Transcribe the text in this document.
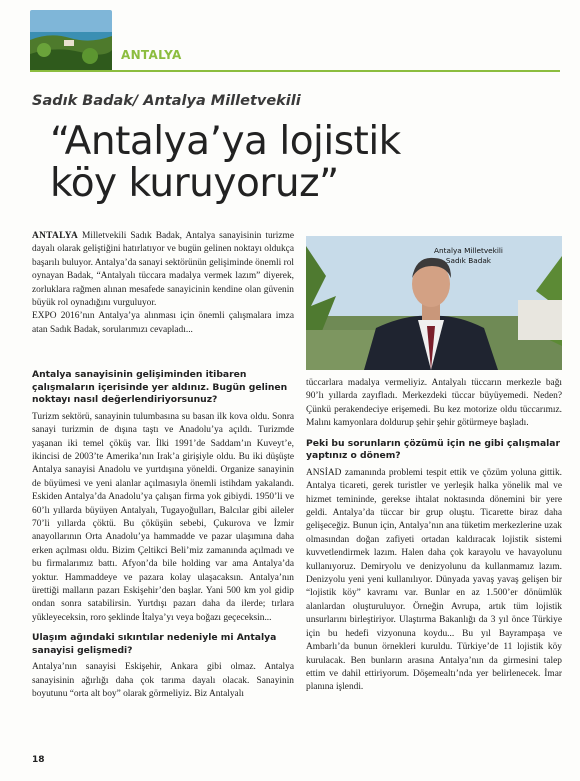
ANTALYA
Sadık Badak/ Antalya Milletvekili
“Antalya’ya lojistik
köy kuruyoruz”

ANTALYA Milletvekili Sadık Badak, Antalya sanayisinin turizme dayalı olarak geliştiğini hatırlatıyor ve bugün gelinen noktayı oldukça başarılı buluyor. Antalya’da sanayi sektörünün gelişiminde önemli rol oynayan Badak, “Antalyalı tüccara madalya vermek lazım” diyerek, zorluklara rağmen alınan mesafede sanayicinin kendine olan güvenin büyük rol oynadığını vurguluyor.

EXPO 2016’nın Antalya’ya alınması için önemli çalışmalara imza atan Sadık Badak, sorularımızı cevapladı...

Antalya Milletvekili
Sadık Badak

Antalya sanayisinin gelişiminden itibaren çalışmaların içerisinde yer aldınız. Bugün gelinen noktayı nasıl değerlendiriyorsunuz?

Turizm sektörü, sanayinin tulumbasına su basan ilk kova oldu. Sonra sanayi turizmin de dışına taştı ve Anadolu’ya açıldı. Turizmde yaşanan iki temel çöküş var. İlki 1991’de Saddam’ın Kuveyt’e, ikincisi de 2003’te Amerika’nın Irak’a girişiyle oldu. Bu iki düşüşte Antalya sanayisi Anadolu ve yurtdışına yöneldi. Organize sanayinin de büyümesi ve yeni alanlar açılmasıyla önemli istihdam yakalandı. Eskiden Antalya’da Anadolu’ya çalışan firma yok gibiydi. 1950’li ve 60’lı yıllarda büyüyen Antalyalı, Tugayoğulları, Balcılar gibi aileler 70’li yıllarda çöktü. Bu çöküşün sebebi, Çukurova ve İzmir anayollarının Orta Anadolu’ya hammadde ve pazar ulaşımına daha erken açılması oldu. Bizim Çeltikci Beli’miz zamanında açılmadı ve bu firmalarımız battı. Afyon’da bile holding var ama Antalya’da yoktur. Hammaddeye ve pazara kolay ulaşacaksın. Antalya’nın ürettiği malların pazarı Eskişehir’den başlar. Yani 500 km yol gidip ondan sonra satabilirsin. Yurtdışı pazarı daha da ilerde; tırlara yükleyeceksin, roro şeklinde İtalya’yı veya boğazı geçeceksin...

Ulaşım ağındaki sıkıntılar nedeniyle mi Antalya sanayisi gelişmedi?

Antalya’nın sanayisi Eskişehir, Ankara gibi olmaz. Antalya sanayisinin ağırlığı daha çok tarıma dayalı olacak. Sanayinin boyutunu “orta alt boy” olarak görmeliyiz. Biz Antalyalı

tüccarlara madalya vermeliyiz. Antalyalı tüccarın merkezle bağı 90’lı yıllarda zayıfladı. Merkezdeki tüccar büyüyemedi. Neden? Çünkü perakendeciye erişemedi. Bu kez motorize oldu tüccarımız. Malını kamyonlara doldurup şehir şehir götürmeye başladı.

Peki bu sorunların çözümü için ne gibi çalışmalar yaptınız o dönem?

ANSİAD zamanında problemi tespit ettik ve çözüm yoluna gittik. Antalya ticareti, gerek turistler ve yerleşik halka yönelik mal ve hizmet temininde, gerekse ihtalat noktasında dönemini bir yere geldi. Antalya’da tüccar bir grup oluştu. Ticarette biraz daha gelişeceğiz. Bunun için, Antalya’nın ana tüketim merkezlerine uzak olmasından doğan zafiyeti ortadan kaldıracak lojistik sistemi kuvvetlendirmek lazım. Halen daha çok karayolu ve havayolunu kullanıyoruz. Demiryolu ve denizyolunu da kullanmamız lazım. Denizyolu yeni yeni kullanılıyor. Dünyada yavaş yavaş gelişen bir “lojistik köy” kavramı var. Bunlar en az 1.500’er dönümlük alanlardan oluşturuluyor. Örneğin Avrupa, artık tüm lojistik unsurlarını birleştiriyor. Ulaştırma Bakanlığı da 3 yıl önce Türkiye için bu hedefi vizyonuna koydu... Bu yıl Bayrampaşa ve Ambarlı’da bunun örnekleri kuruldu. Türkiye’de 11 lojistik köy kurulacak. Ben bunların arasına Antalya’nın da girmesini talep ettim ve dahil ettiriyorum. Döşemealtı’nda yer belirlenecek. İmar planına işlendi.

18
